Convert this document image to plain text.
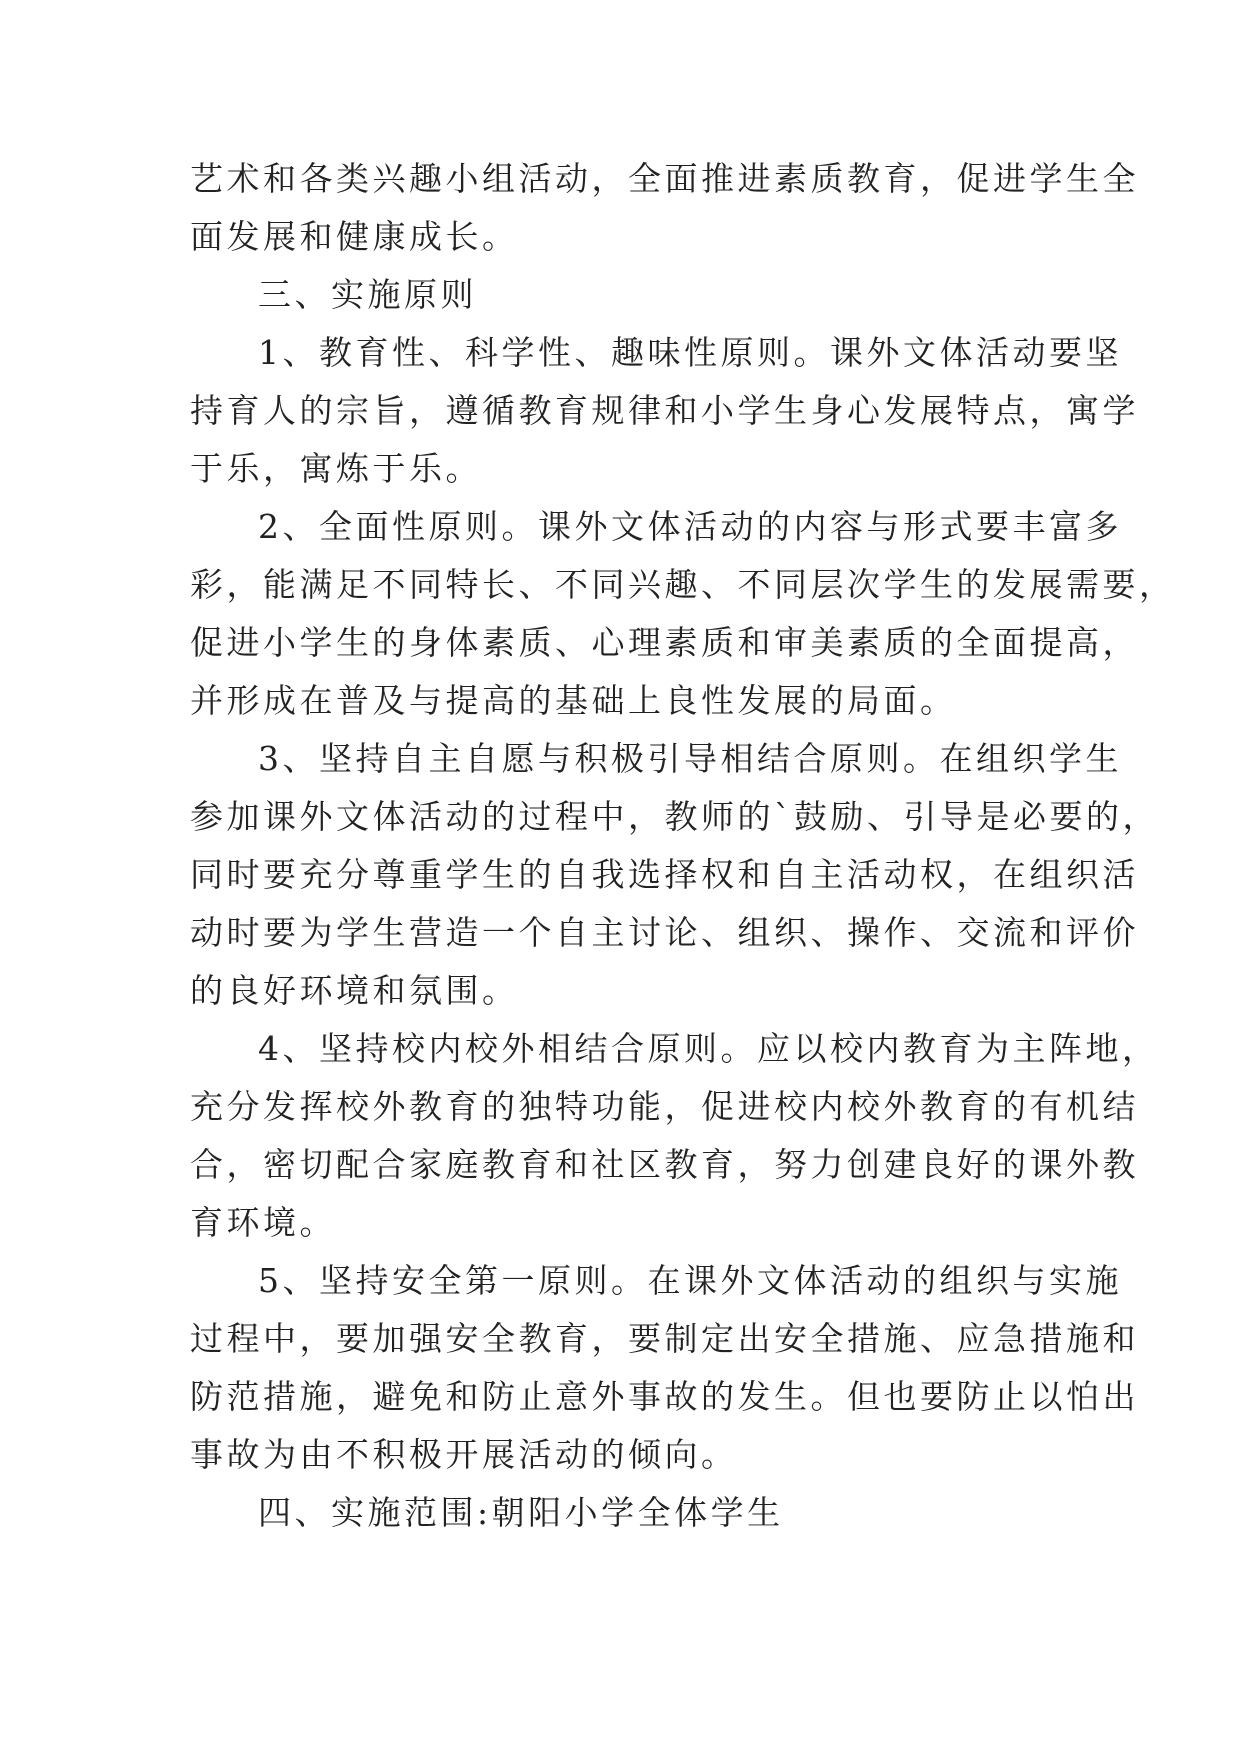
艺术和各类兴趣小组活动，全面推进素质教育，促进学生全
面发展和健康成长。
三、实施原则
1、教育性、科学性、趣味性原则。课外文体活动要坚
持育人的宗旨，遵循教育规律和小学生身心发展特点，寓学
于乐，寓炼于乐。
2、全面性原则。课外文体活动的内容与形式要丰富多
彩，能满足不同特长、不同兴趣、不同层次学生的发展需要，
促进小学生的身体素质、心理素质和审美素质的全面提高，
并形成在普及与提高的基础上良性发展的局面。
3、坚持自主自愿与积极引导相结合原则。在组织学生
参加课外文体活动的过程中，教师的`鼓励、引导是必要的，
同时要充分尊重学生的自我选择权和自主活动权，在组织活
动时要为学生营造一个自主讨论、组织、操作、交流和评价
的良好环境和氛围。
4、坚持校内校外相结合原则。应以校内教育为主阵地，
充分发挥校外教育的独特功能，促进校内校外教育的有机结
合，密切配合家庭教育和社区教育，努力创建良好的课外教
育环境。
5、坚持安全第一原则。在课外文体活动的组织与实施
过程中，要加强安全教育，要制定出安全措施、应急措施和
防范措施，避免和防止意外事故的发生。但也要防止以怕出
事故为由不积极开展活动的倾向。
四、实施范围:朝阳小学全体学生
